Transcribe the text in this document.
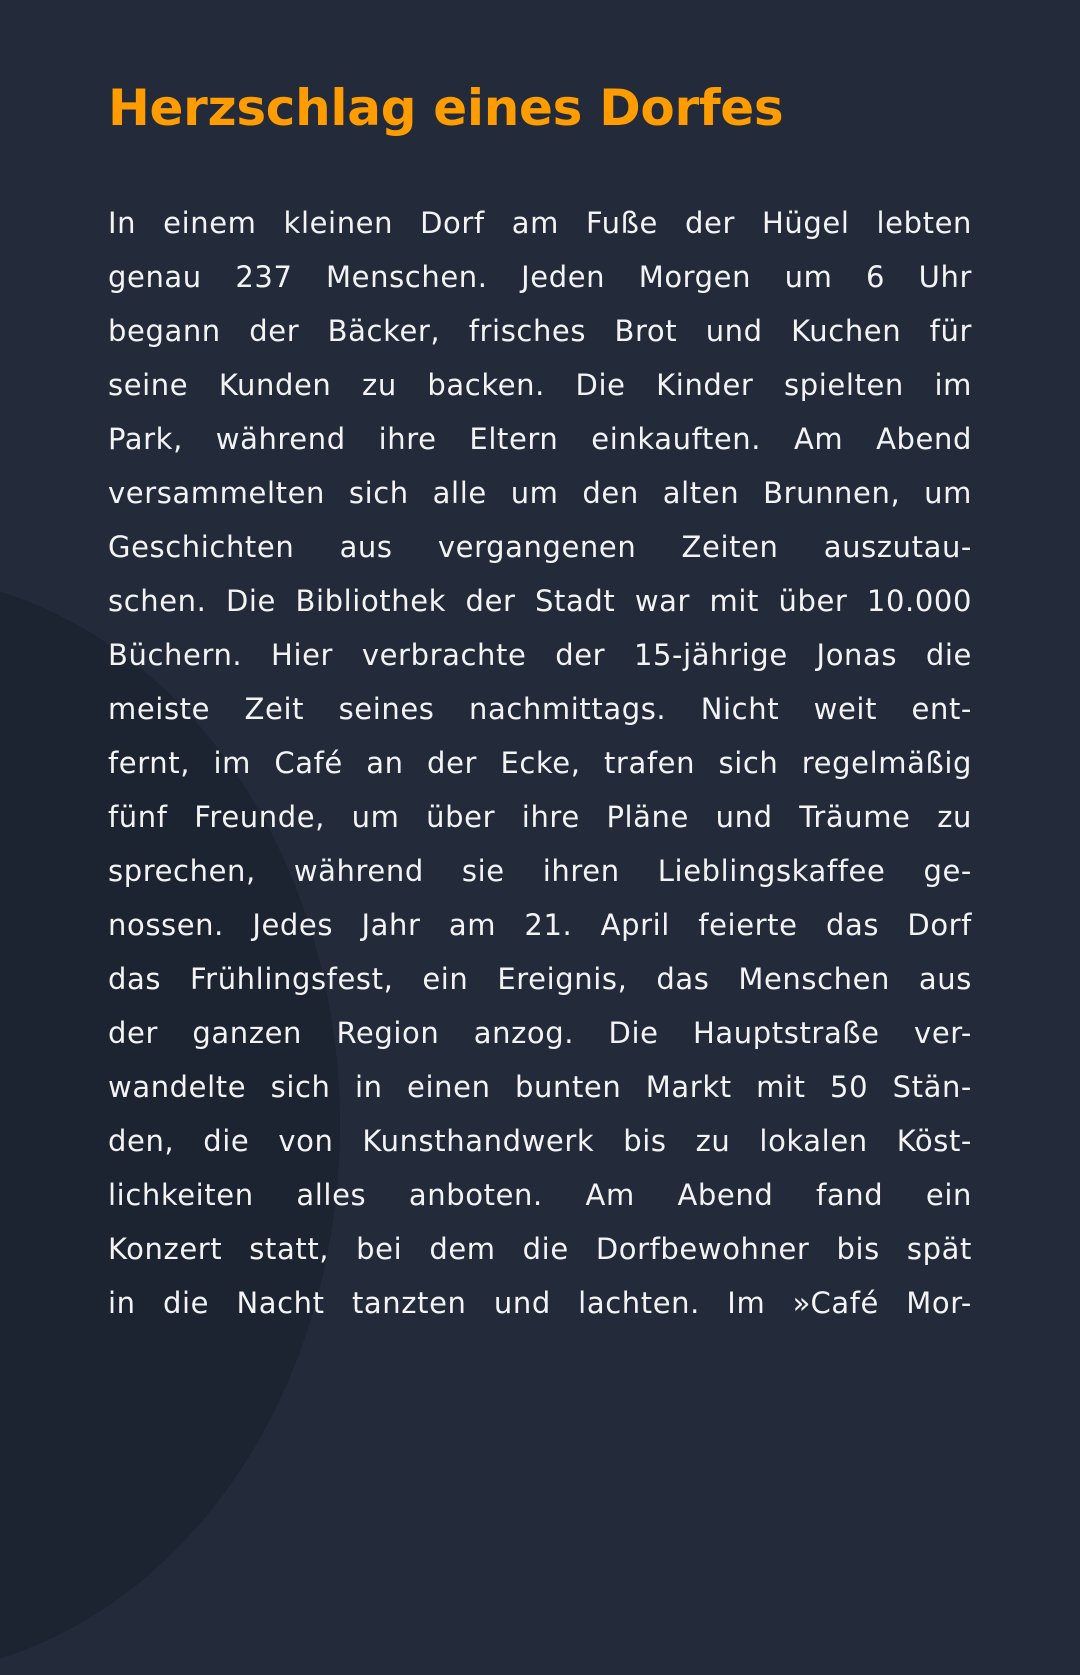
Herzschlag eines Dorfes
In einem kleinen Dorf am Fuße der Hügel lebten
genau 237 Menschen. Jeden Morgen um 6 Uhr
begann der Bäcker, frisches Brot und Kuchen für
seine Kunden zu backen. Die Kinder spielten im
Park, während ihre Eltern einkauften. Am Abend
versammelten sich alle um den alten Brunnen, um
Geschichten aus vergangenen Zeiten auszutau-
schen. Die Bibliothek der Stadt war mit über 10.000
Büchern. Hier verbrachte der 15-jährige Jonas die
meiste Zeit seines nachmittags. Nicht weit ent-
fernt, im Café an der Ecke, trafen sich regelmäßig
fünf Freunde, um über ihre Pläne und Träume zu
sprechen, während sie ihren Lieblingskaffee ge-
nossen. Jedes Jahr am 21. April feierte das Dorf
das Frühlingsfest, ein Ereignis, das Menschen aus
der ganzen Region anzog. Die Hauptstraße ver-
wandelte sich in einen bunten Markt mit 50 Stän-
den, die von Kunsthandwerk bis zu lokalen Köst-
lichkeiten alles anboten. Am Abend fand ein
Konzert statt, bei dem die Dorfbewohner bis spät
in die Nacht tanzten und lachten. Im »Café Mor-
